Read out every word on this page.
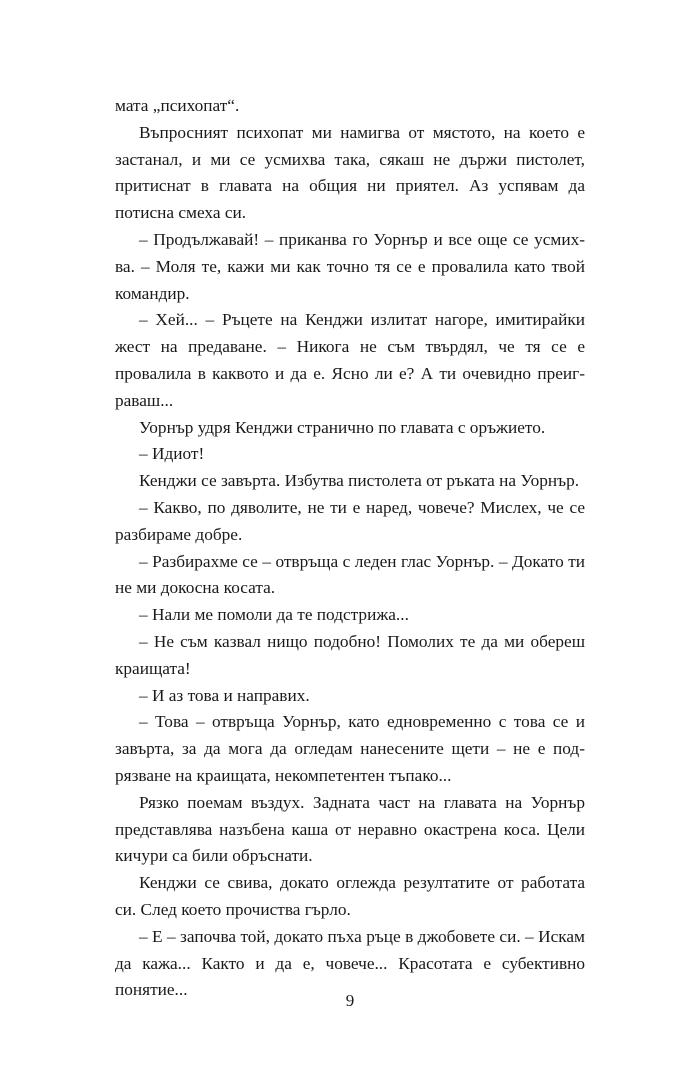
мата „психопат“.

Въпросният психопат ми намигва от мястото, на което е застанал, и ми се усмихва така, сякаш не държи пистолет, притиснат в главата на общия ни приятел. Аз успявам да потисна смеха си.

– Продължавай! – приканва го Уорнър и все още се усмихва. – Моля те, кажи ми как точно тя се е провалила като твой командир.

– Хей... – Ръцете на Кенджи излитат нагоре, имитирайки жест на предаване. – Никога не съм твърдял, че тя се е провалила в каквото и да е. Ясно ли е? А ти очевидно преиграваш...

Уорнър удря Кенджи странично по главата с оръжието.

– Идиот!

Кенджи се завърта. Избутва пистолета от ръката на Уорнър.

– Какво, по дяволите, не ти е наред, човече? Мислех, че се разбираме добре.

– Разбирахме се – отвръща с леден глас Уорнър. – Докато ти не ми докосна косата.

– Нали ме помоли да те подстрижа...

– Не съм казвал нищо подобно! Помолих те да ми обереш краищата!

– И аз това и направих.

– Това – отвръща Уорнър, като едновременно с това се и завърта, за да мога да огледам нанесените щети – не е подрязване на краищата, некомпетентен тъпако...

Рязко поемам въздух. Задната част на главата на Уорнър представлява назъбена каша от неравно окастрена коса. Цели кичури са били обръснати.

Кенджи се свива, докато оглежда резултатите от работата си. След което прочиства гърло.

– Е – започва той, докато пъха ръце в джобовете си. – Искам да кажа... Както и да е, човече... Красотата е субективно понятие...

9
